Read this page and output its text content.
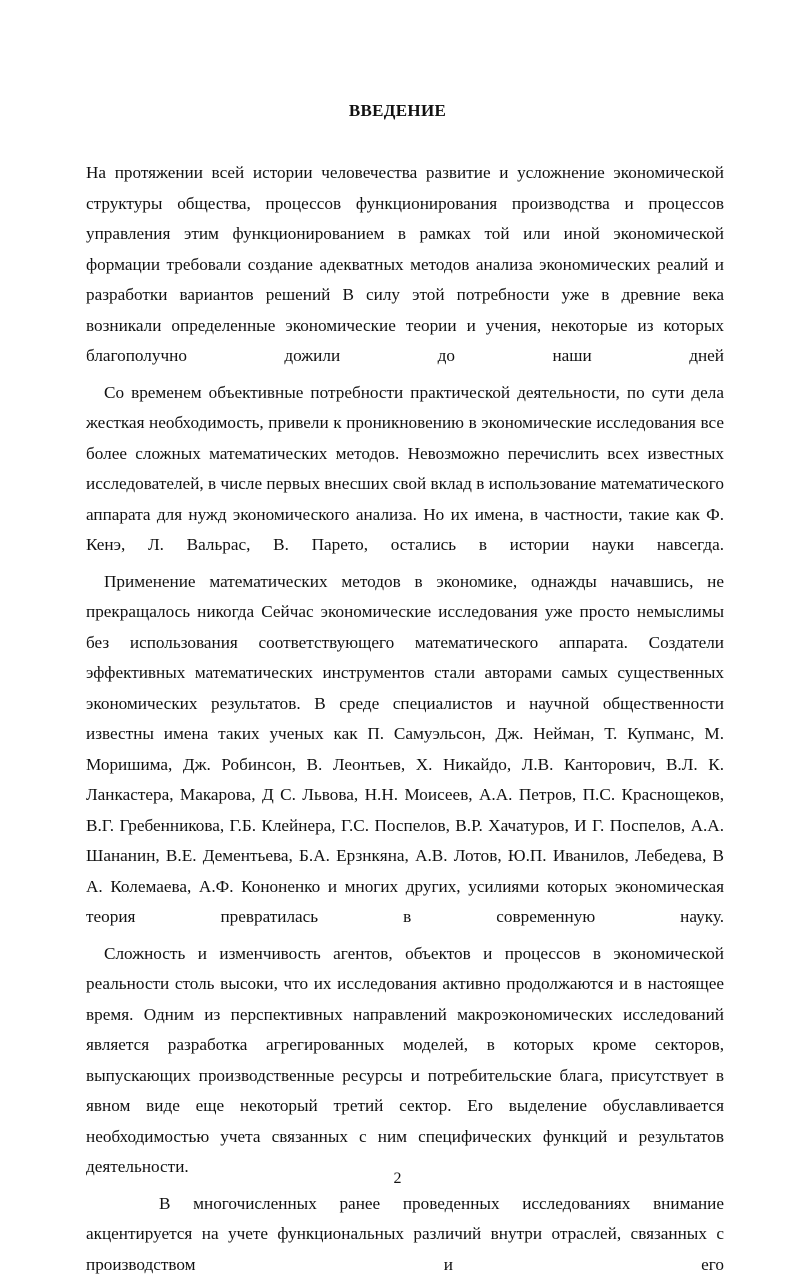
ВВЕДЕНИЕ

На протяжении всей истории человечества развитие и усложнение экономической структуры общества, процессов функционирования производства и процессов управления этим функционированием в рамках той или иной экономической формации требовали создание адекватных методов анализа экономических реалий и разработки вариантов решений В силу этой потребности уже в древние века возникали определенные экономические теории и учения, некоторые из которых благополучно дожили до наши дней

Со временем объективные потребности практической деятельности, по сути дела жесткая необходимость, привели к проникновению в экономические исследования все более сложных математических методов. Невозможно перечислить всех известных исследователей, в числе первых внесших свой вклад в использование математического аппарата для нужд экономического анализа. Но их имена, в частности, такие как Ф. Кенэ, Л. Вальрас, В. Парето, остались в истории науки навсегда.

Применение математических методов в экономике, однажды начавшись, не прекращалось никогда Сейчас экономические исследования уже просто немыслимы без использования соответствующего математического аппарата. Создатели эффективных математических инструментов стали авторами самых существенных экономических результатов. В среде специалистов и научной общественности известны имена таких ученых как П. Самуэльсон, Дж. Нейман, Т. Купманс, М. Моришима, Дж. Робинсон, В. Леонтьев, Х. Никайдо, Л.В. Канторович, В.Л. К. Ланкастера, Макарова, Д С. Львова, Н.Н. Моисеев, А.А. Петров, П.С. Краснощеков, В.Г. Гребенникова, Г.Б. Клейнера, Г.С. Поспелов, В.Р. Хачатуров, И Г. Поспелов, А.А. Шананин, В.Е. Дементьева, Б.А. Ерзнкяна, А.В. Лотов, Ю.П. Иванилов, Лебедева, В А. Колемаева, А.Ф. Кононенко и многих других, усилиями которых экономическая теория превратилась в современную науку.

Сложность и изменчивость агентов, объектов и процессов в экономической реальности столь высоки, что их исследования активно продолжаются и в настоящее время. Одним из перспективных направлений макроэкономических исследований является разработка агрегированных моделей, в которых кроме секторов, выпускающих производственные ресурсы и потребительские блага, присутствует в явном виде еще некоторый третий сектор. Его выделение обуславливается необходимостью учета связанных с ним специфических функций и результатов деятельности.

В многочисленных ранее проведенных исследованиях внимание акцентируется на учете функциональных различий внутри отраслей, связанных с производством и его

2
